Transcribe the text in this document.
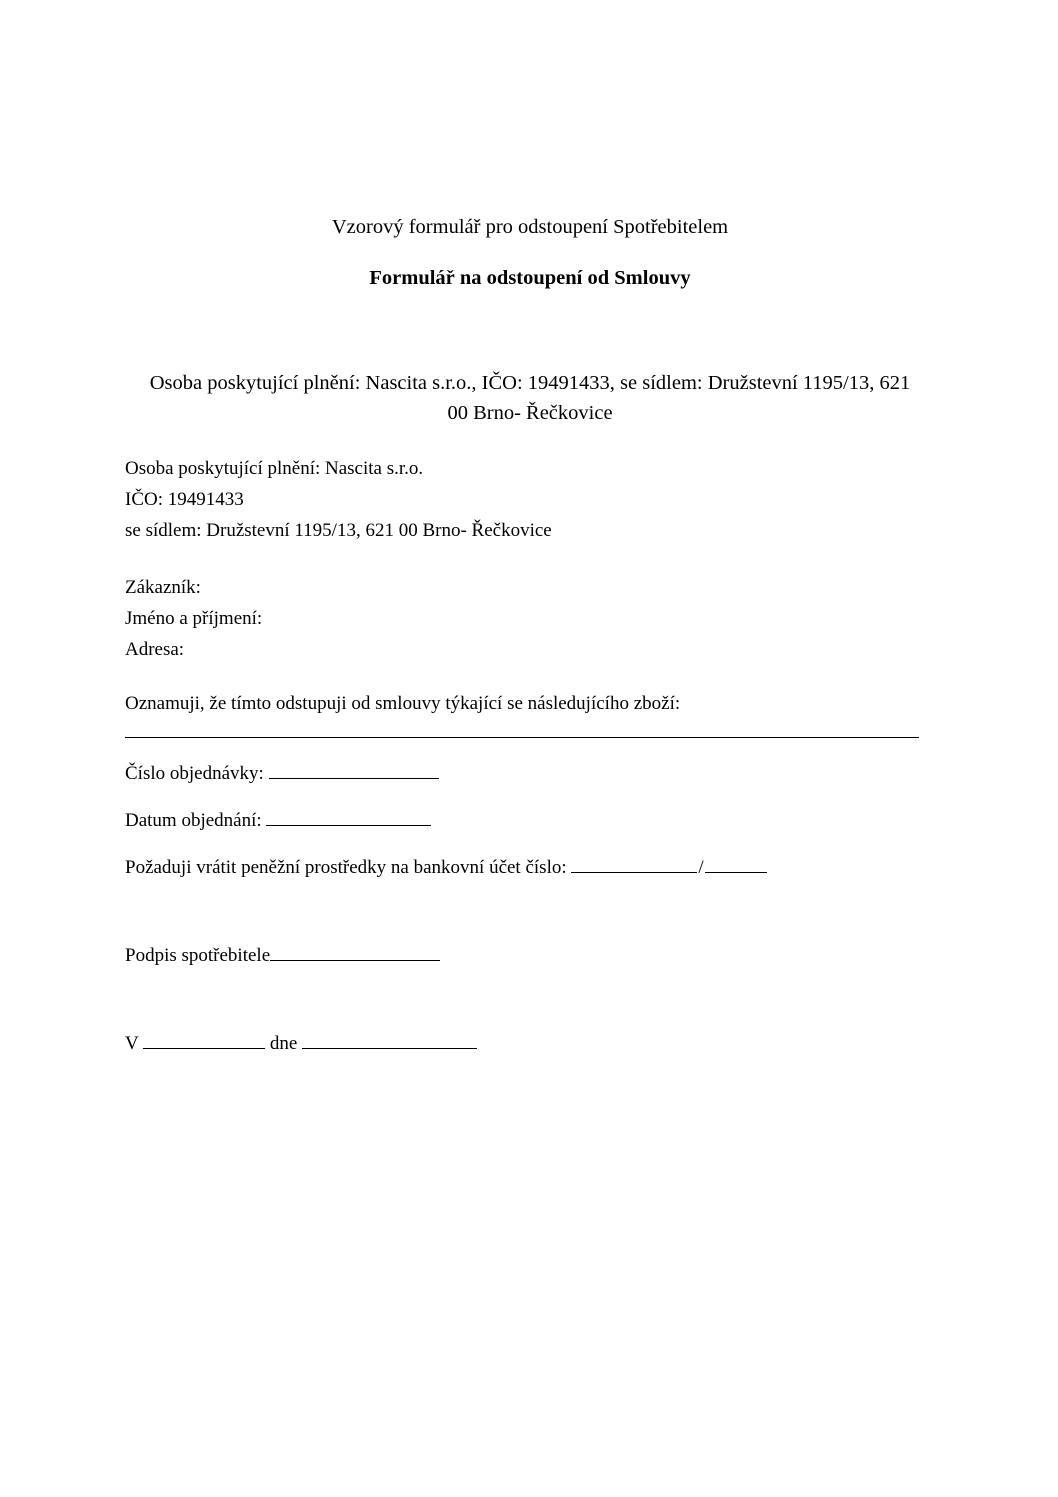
Vzorový formulář pro odstoupení Spotřebitelem
Formulář na odstoupení od Smlouvy
Osoba poskytující plnění: Nascita s.r.o., IČO: 19491433, se sídlem: Družstevní 1195/13, 621 00 Brno- Řečkovice
Osoba poskytující plnění: Nascita s.r.o.
IČO: 19491433
se sídlem: Družstevní 1195/13, 621 00 Brno- Řečkovice
Zákazník:
Jméno a příjmení:
Adresa:
Oznamuji, že tímto odstupuji od smlouvy týkající se následujícího zboží:
Číslo objednávky:
Datum objednání:
Požaduji vrátit peněžní prostředky na bankovní účet číslo:	/
Podpis spotřebitele
V	dne
